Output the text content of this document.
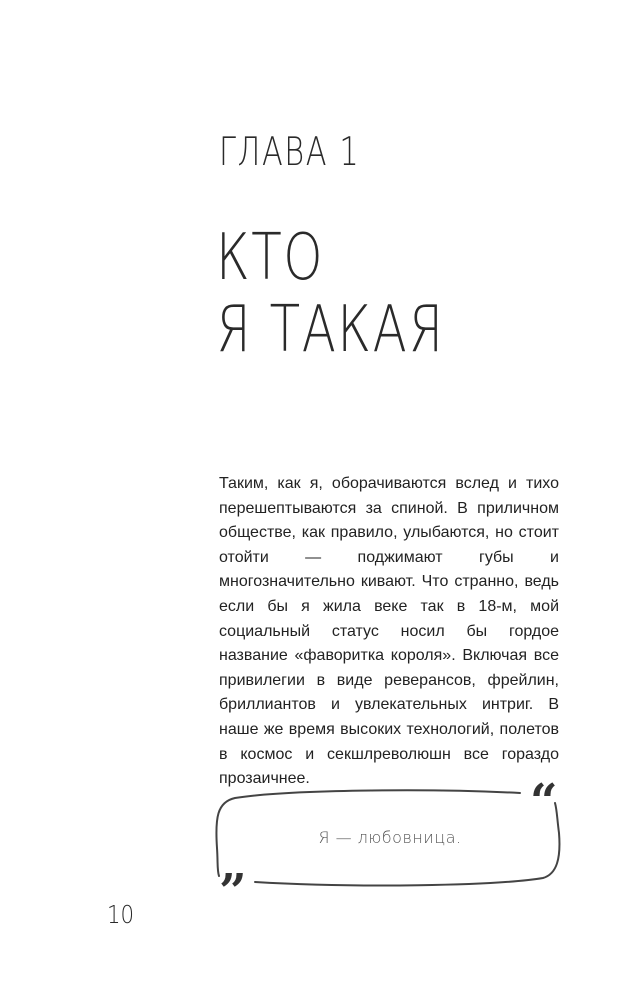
ГЛАВА 1
КТО
Я ТАКАЯ

Таким, как я, оборачиваются вслед и тихо перешептываются за спиной. В приличном обществе, как правило, улыбаются, но стоит отойти — поджимают губы и многозначительно кивают. Что странно, ведь если бы я жила веке так в 18-м, мой социальный статус носил бы гордое название «фаворитка короля». Включая все привилегии в виде реверансов, фрейлин, бриллиантов и увлекательных интриг. В наше же время высоких технологий, полетов в космос и секшлреволюшн все гораздо прозаичнее.	“
”
Я — любовница.
10
